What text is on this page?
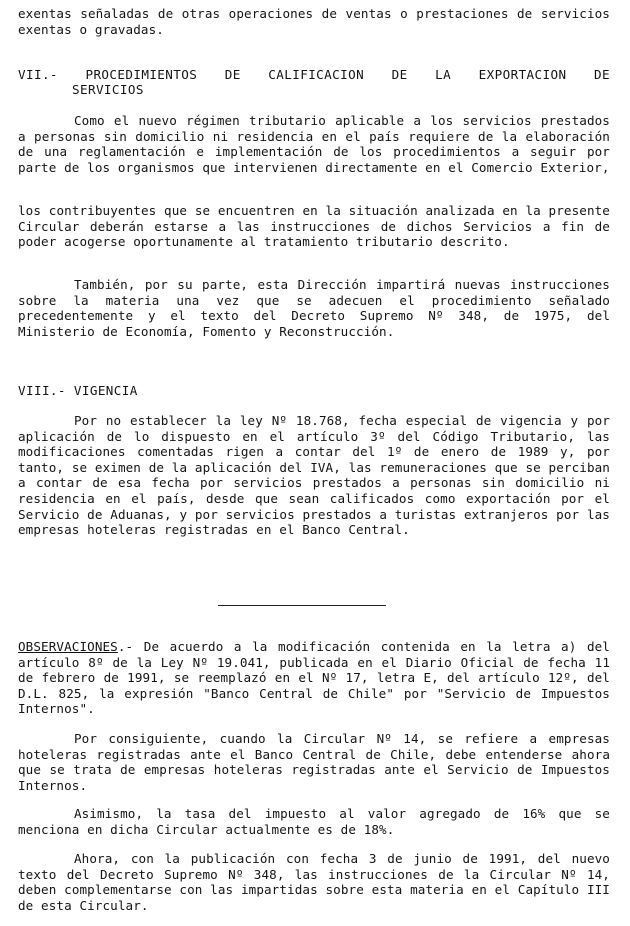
exentas señaladas de otras operaciones de ventas o prestaciones de servicios exentas o gravadas.

VII.- PROCEDIMIENTOS DE CALIFICACION DE LA EXPORTACION DE
SERVICIOS

Como el nuevo régimen tributario aplicable a los servicios prestados a personas sin domicilio ni residencia en el país requiere de la elaboración de una reglamentación e implementación de los procedimientos a seguir por parte de los organismos que intervienen directamente en el Comercio Exterior,

los contribuyentes que se encuentren en la situación analizada en la presente Circular deberán estarse a las instrucciones de dichos Servicios a fin de poder acogerse oportunamente al tratamiento tributario descrito.

También, por su parte, esta Dirección impartirá nuevas instrucciones sobre la materia una vez que se adecuen el procedimiento señalado precedentemente y el texto del Decreto Supremo Nº 348, de 1975, del Ministerio de Economía, Fomento y Reconstrucción.

VIII.- VIGENCIA

Por no establecer la ley Nº 18.768, fecha especial de vigencia y por aplicación de lo dispuesto en el artículo 3º del Código Tributario, las modificaciones comentadas rigen a contar del 1º de enero de 1989 y, por tanto, se eximen de la aplicación del IVA, las remuneraciones que se perciban a contar de esa fecha por servicios prestados a personas sin domicilio ni residencia en el país, desde que sean calificados como exportación por el Servicio de Aduanas, y por servicios prestados a turistas extranjeros por las empresas hoteleras registradas en el Banco Central.

OBSERVACIONES.- De acuerdo a la modificación contenida en la letra a) del artículo 8º de la Ley Nº 19.041, publicada en el Diario Oficial de fecha 11 de febrero de 1991, se reemplazó en el Nº 17, letra E, del artículo 12º, del D.L. 825, la expresión "Banco Central de Chile" por "Servicio de Impuestos Internos".

Por consiguiente, cuando la Circular Nº 14, se refiere a empresas hoteleras registradas ante el Banco Central de Chile, debe entenderse ahora que se trata de empresas hoteleras registradas ante el Servicio de Impuestos Internos.

Asimismo, la tasa del impuesto al valor agregado de 16% que se menciona en dicha Circular actualmente es de 18%.

Ahora, con la publicación con fecha 3 de junio de 1991, del nuevo texto del Decreto Supremo Nº 348, las instrucciones de la Circular Nº 14, deben complementarse con las impartidas sobre esta materia en el Capítulo III de esta Circular.
